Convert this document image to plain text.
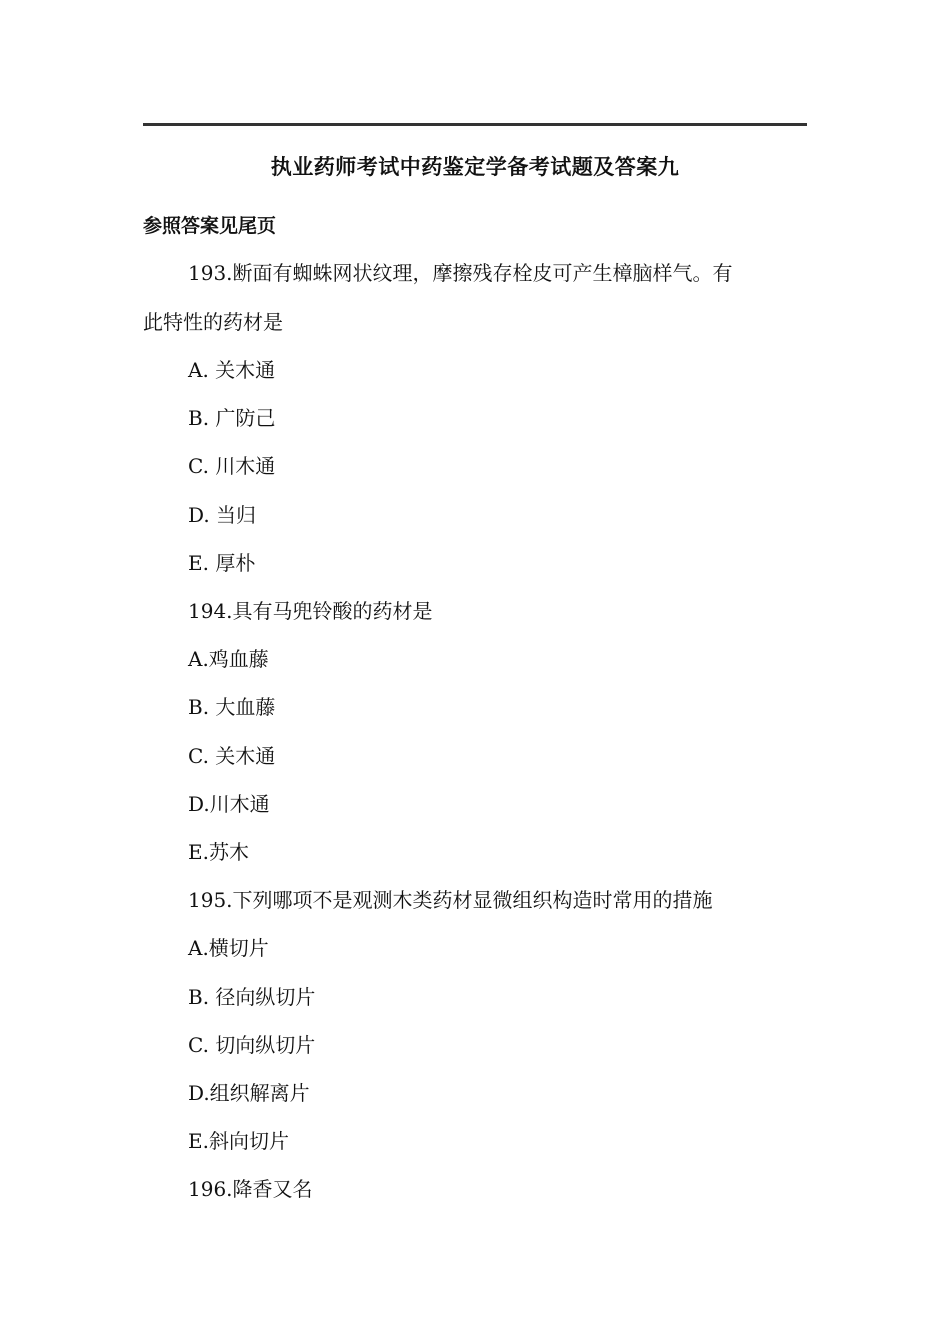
执业药师考试中药鉴定学备考试题及答案九
参照答案见尾页
193.断面有蜘蛛网状纹理，摩擦残存栓皮可产生樟脑样气。有
此特性的药材是
A. 关木通
B. 广防己
C. 川木通
D. 当归
E. 厚朴
194.具有马兜铃酸的药材是
A.鸡血藤
B. 大血藤
C. 关木通
D.川木通
E.苏木
195.下列哪项不是观测木类药材显微组织构造时常用的措施
A.横切片
B. 径向纵切片
C. 切向纵切片
D.组织解离片
E.斜向切片
196.降香又名
